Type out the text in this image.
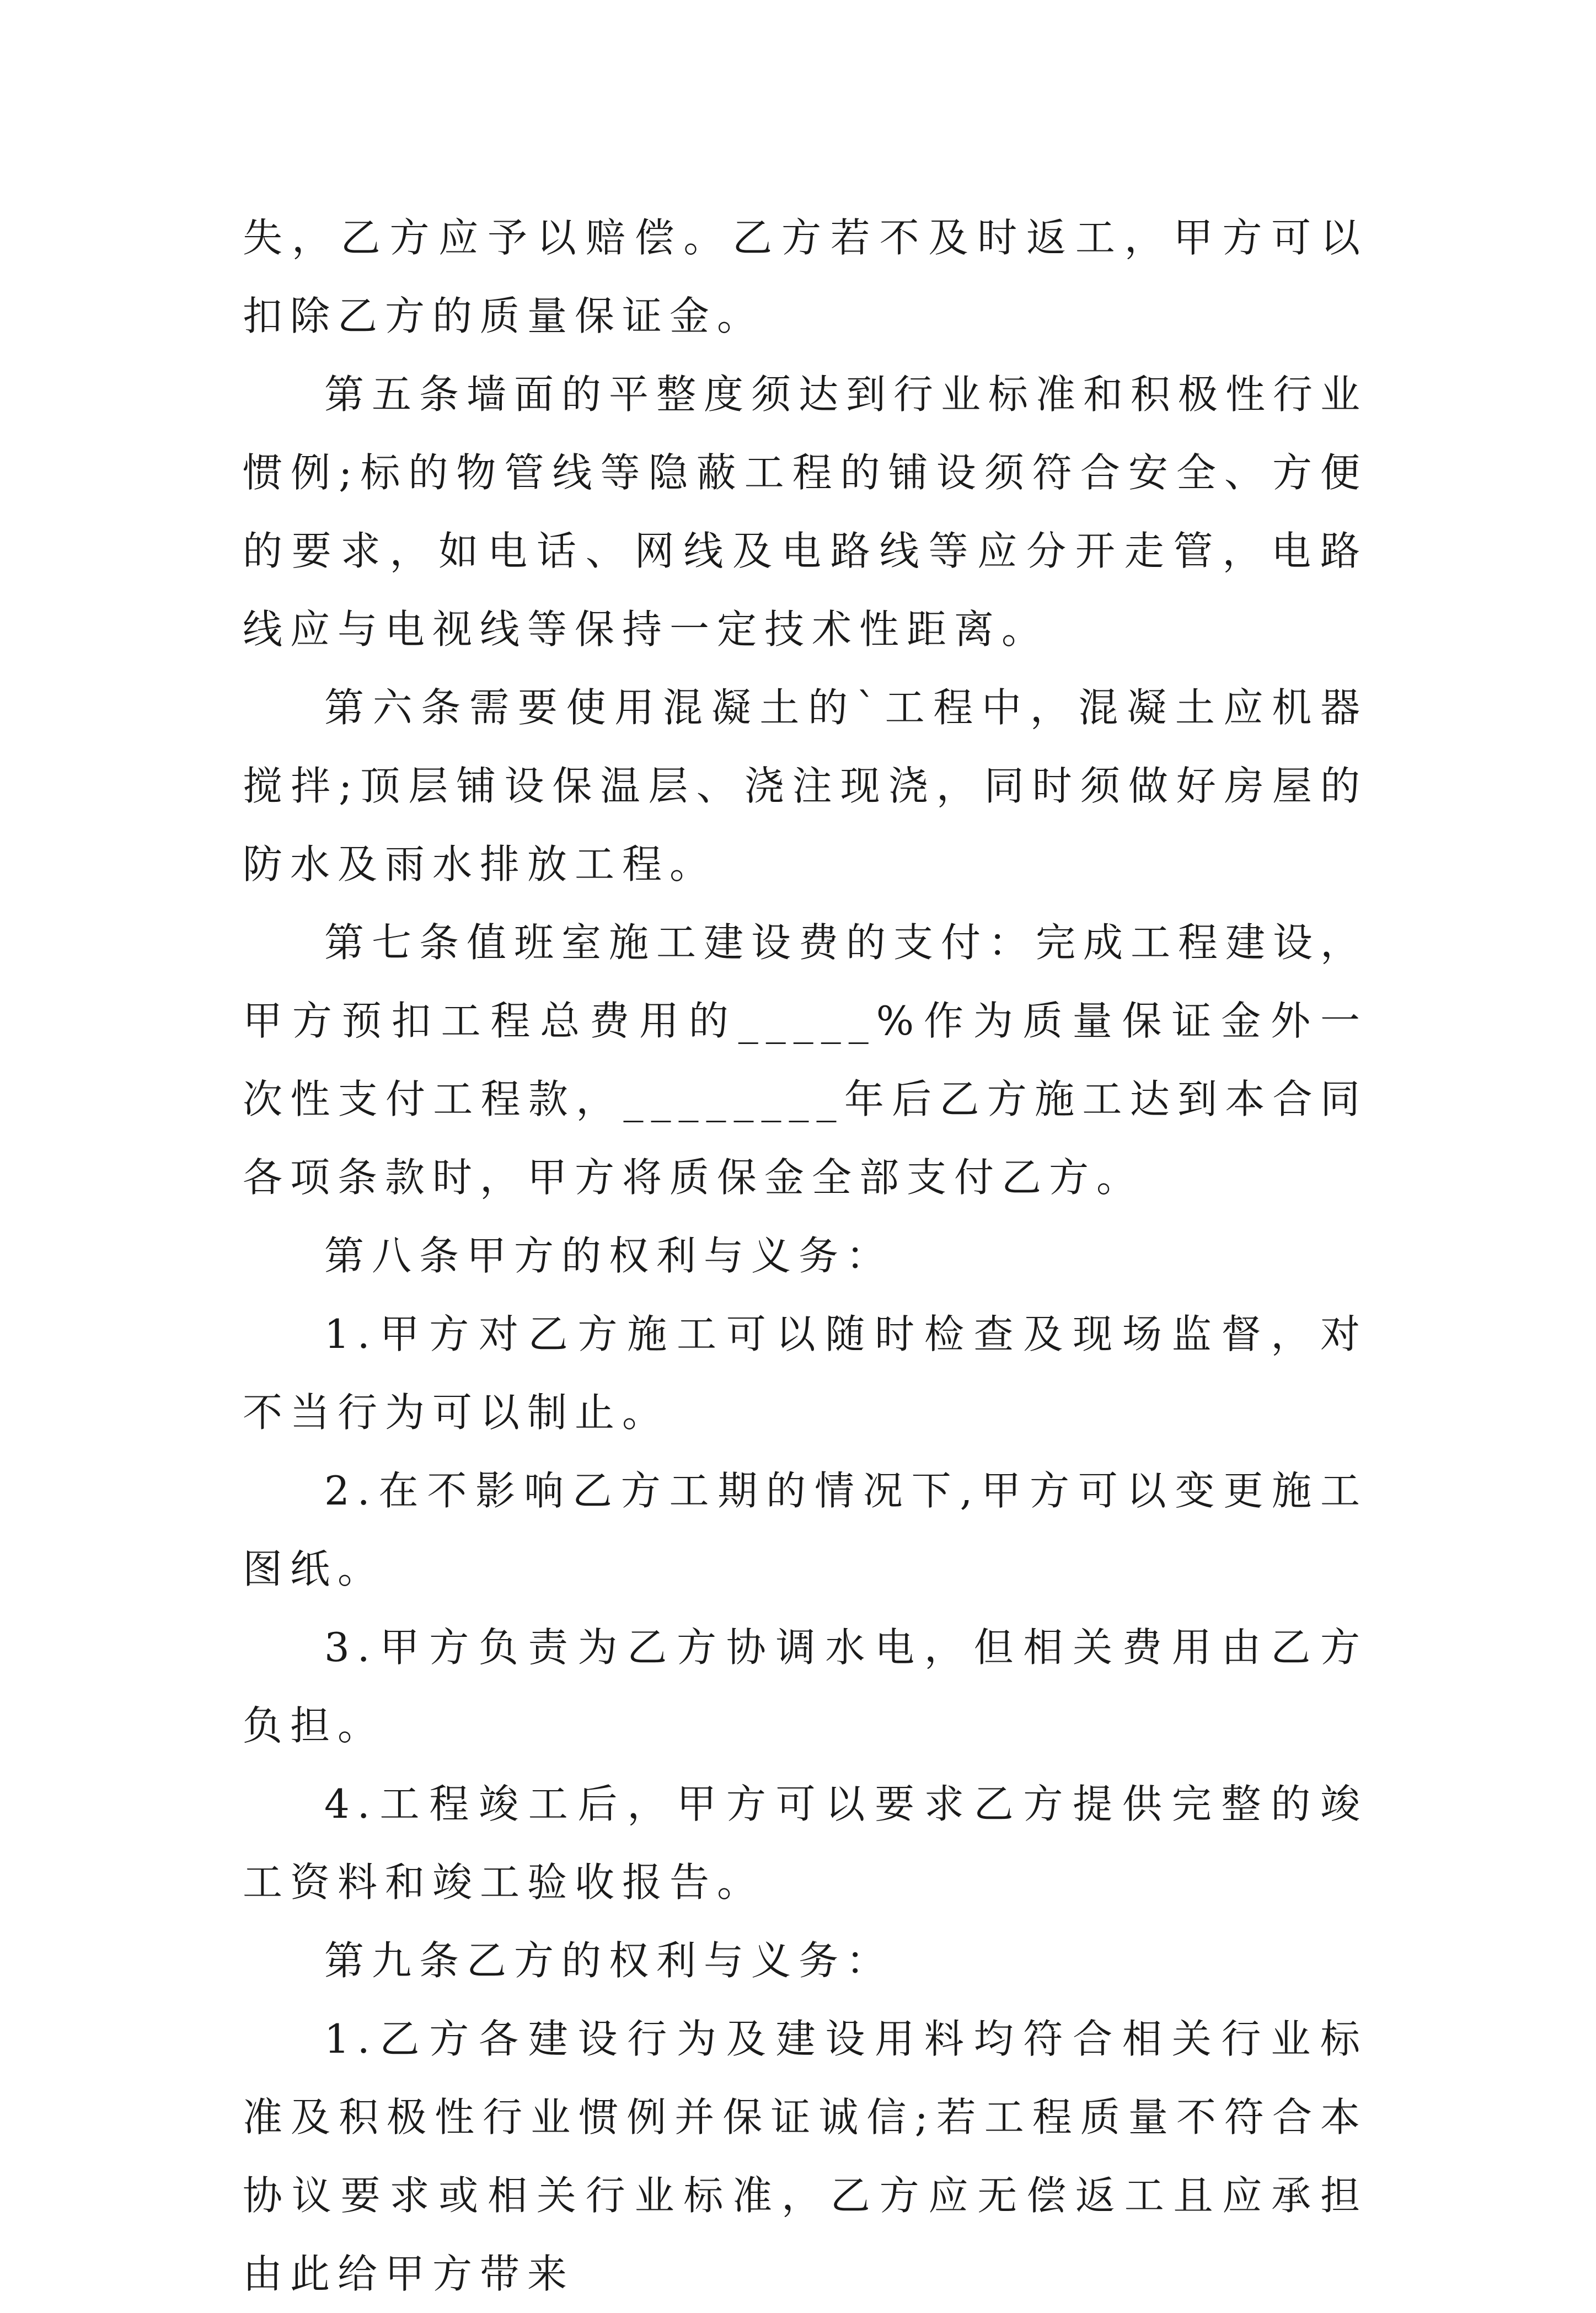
失，乙方应予以赔偿。乙方若不及时返工，甲方可以扣除乙方的质量保证金。

第五条墙面的平整度须达到行业标准和积极性行业惯例;标的物管线等隐蔽工程的铺设须符合安全、方便的要求，如电话、网线及电路线等应分开走管，电路线应与电视线等保持一定技术性距离。

第六条需要使用混凝土的`工程中，混凝土应机器搅拌;顶层铺设保温层、浇注现浇，同时须做好房屋的防水及雨水排放工程。

第七条值班室施工建设费的支付：完成工程建设，甲方预扣工程总费用的_____%作为质量保证金外一次性支付工程款，________年后乙方施工达到本合同各项条款时，甲方将质保金全部支付乙方。

第八条甲方的权利与义务：

1.甲方对乙方施工可以随时检查及现场监督，对不当行为可以制止。

2.在不影响乙方工期的情况下,甲方可以变更施工图纸。

3.甲方负责为乙方协调水电，但相关费用由乙方负担。

4.工程竣工后，甲方可以要求乙方提供完整的竣工资料和竣工验收报告。

第九条乙方的权利与义务：

1.乙方各建设行为及建设用料均符合相关行业标准及积极性行业惯例并保证诚信;若工程质量不符合本协议要求或相关行业标准，乙方应无偿返工且应承担由此给甲方带来
